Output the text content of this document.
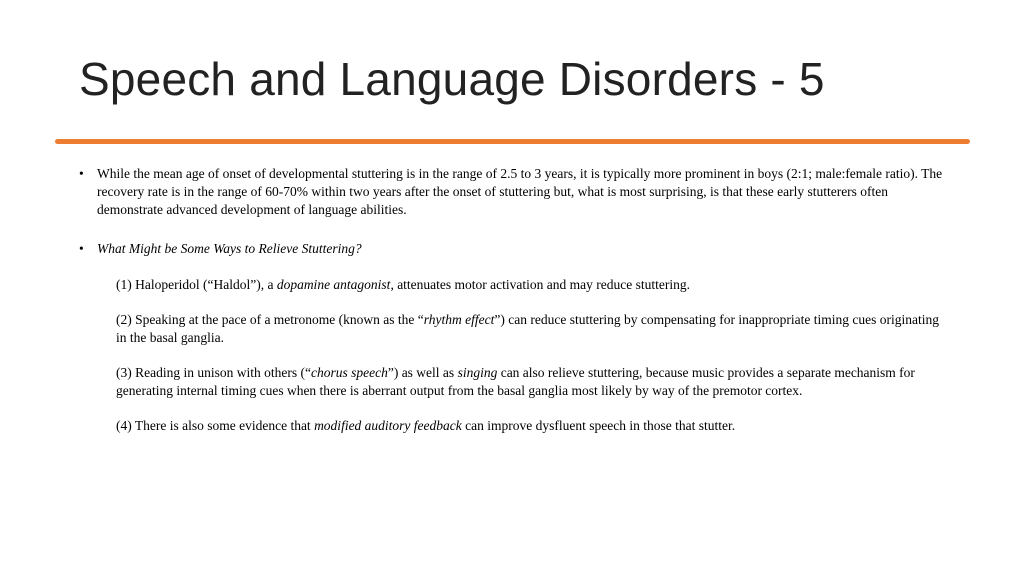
Speech and Language Disorders - 5
• While the mean age of onset of developmental stuttering is in the range of 2.5 to 3 years, it is typically more prominent in boys (2:1; male:female ratio). The recovery rate is in the range of 60-70% within two years after the onset of stuttering but, what is most surprising, is that these early stutterers often demonstrate advanced development of language abilities.
• What Might be Some Ways to Relieve Stuttering?
(1) Haloperidol (“Haldol”), a dopamine antagonist, attenuates motor activation and may reduce stuttering.
(2) Speaking at the pace of a metronome (known as the “rhythm effect”) can reduce stuttering by compensating for inappropriate timing cues originating in the basal ganglia.
(3) Reading in unison with others (“chorus speech”) as well as singing can also relieve stuttering, because music provides a separate mechanism for generating internal timing cues when there is aberrant output from the basal ganglia most likely by way of the premotor cortex.
(4) There is also some evidence that modified auditory feedback can improve dysfluent speech in those that stutter.
